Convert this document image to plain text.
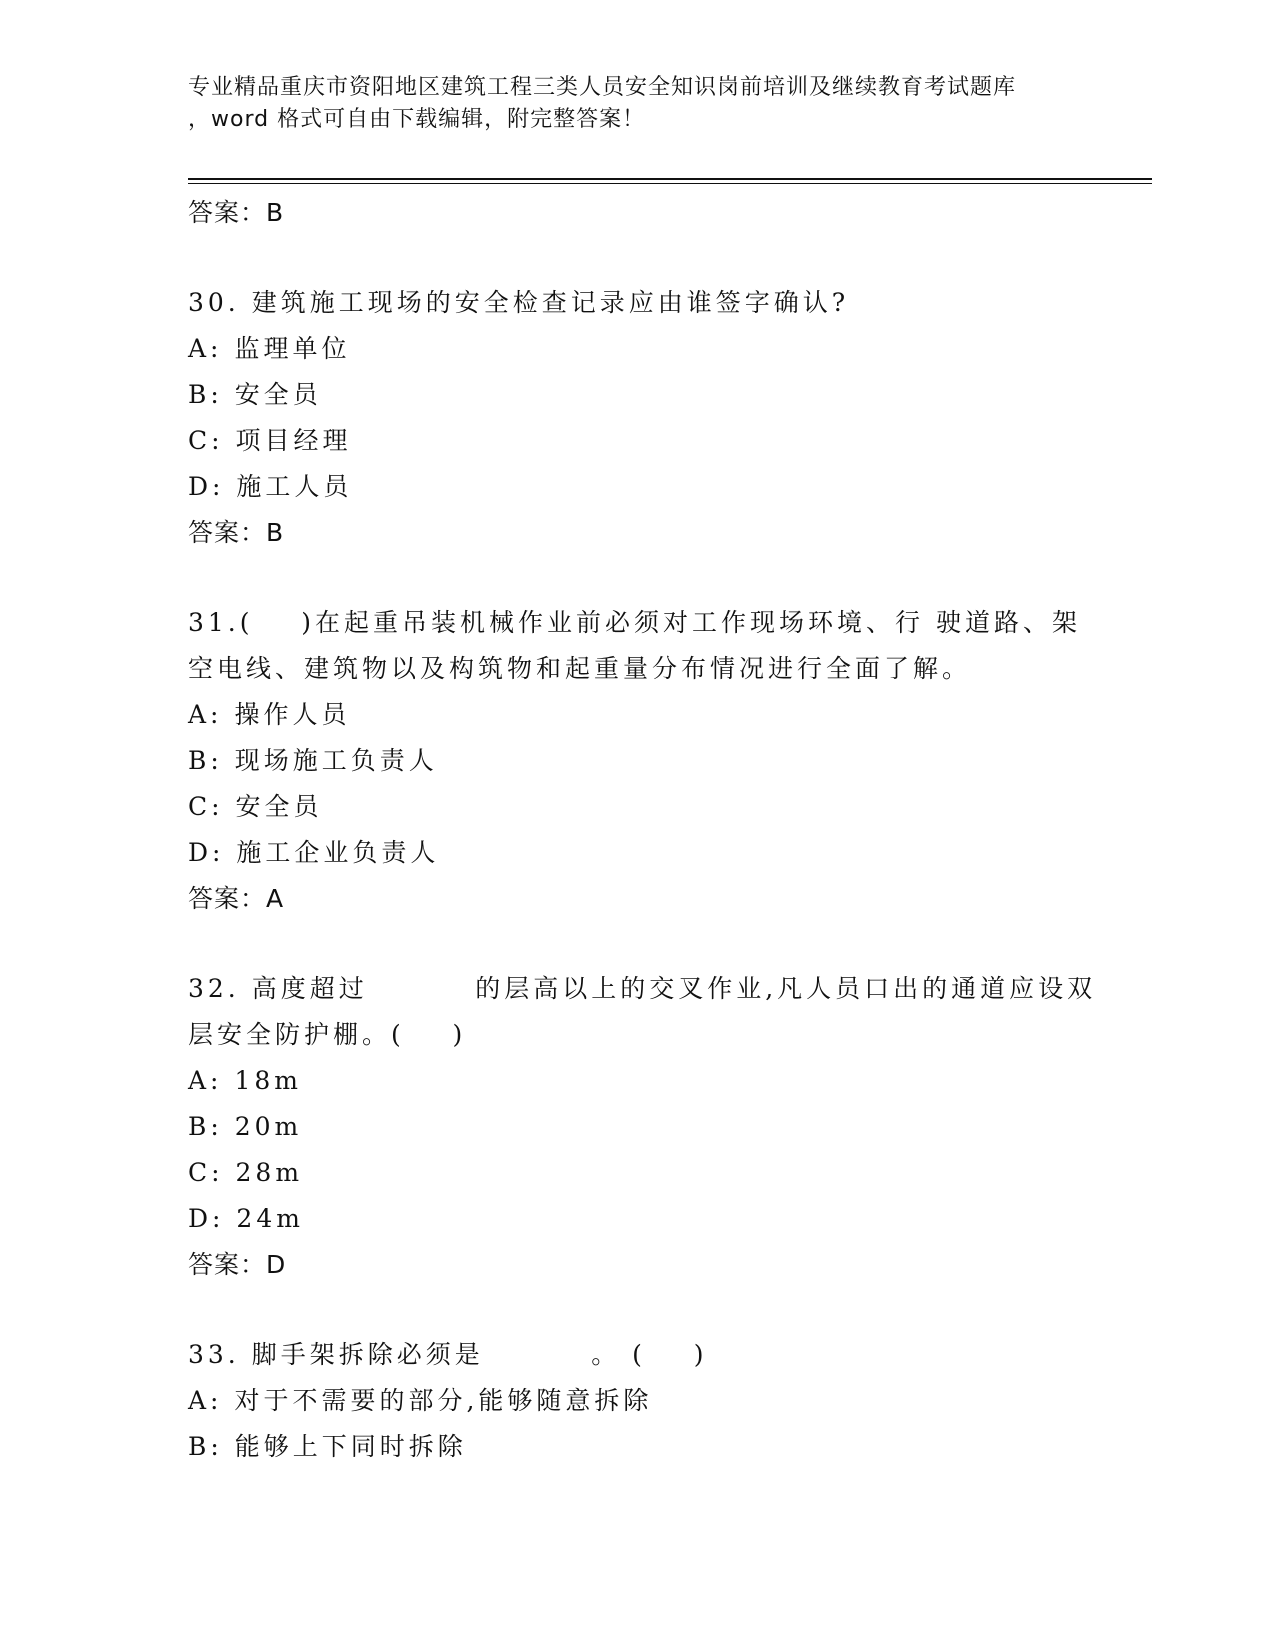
专业精品重庆市资阳地区建筑工程三类人员安全知识岗前培训及继续教育考试题库
，word 格式可自由下载编辑，附完整答案！
答案：B
30. 建筑施工现场的安全检查记录应由谁签字确认?
A: 监理单位
B: 安全员
C: 项目经理
D: 施工人员
答案：B
31.(    )在起重吊装机械作业前必须对工作现场环境、行 驶道路、架
空电线、建筑物以及构筑物和起重量分布情况进行全面了解。
A: 操作人员
B: 现场施工负责人
C: 安全员
D: 施工企业负责人
答案：A
32. 高度超过         的层高以上的交叉作业,凡人员口出的通道应设双
层安全防护棚。(    )
A: 18m
B: 20m
C: 28m
D: 24m
答案：D
33. 脚手架拆除必须是         。 (    )
A: 对于不需要的部分,能够随意拆除
B: 能够上下同时拆除
